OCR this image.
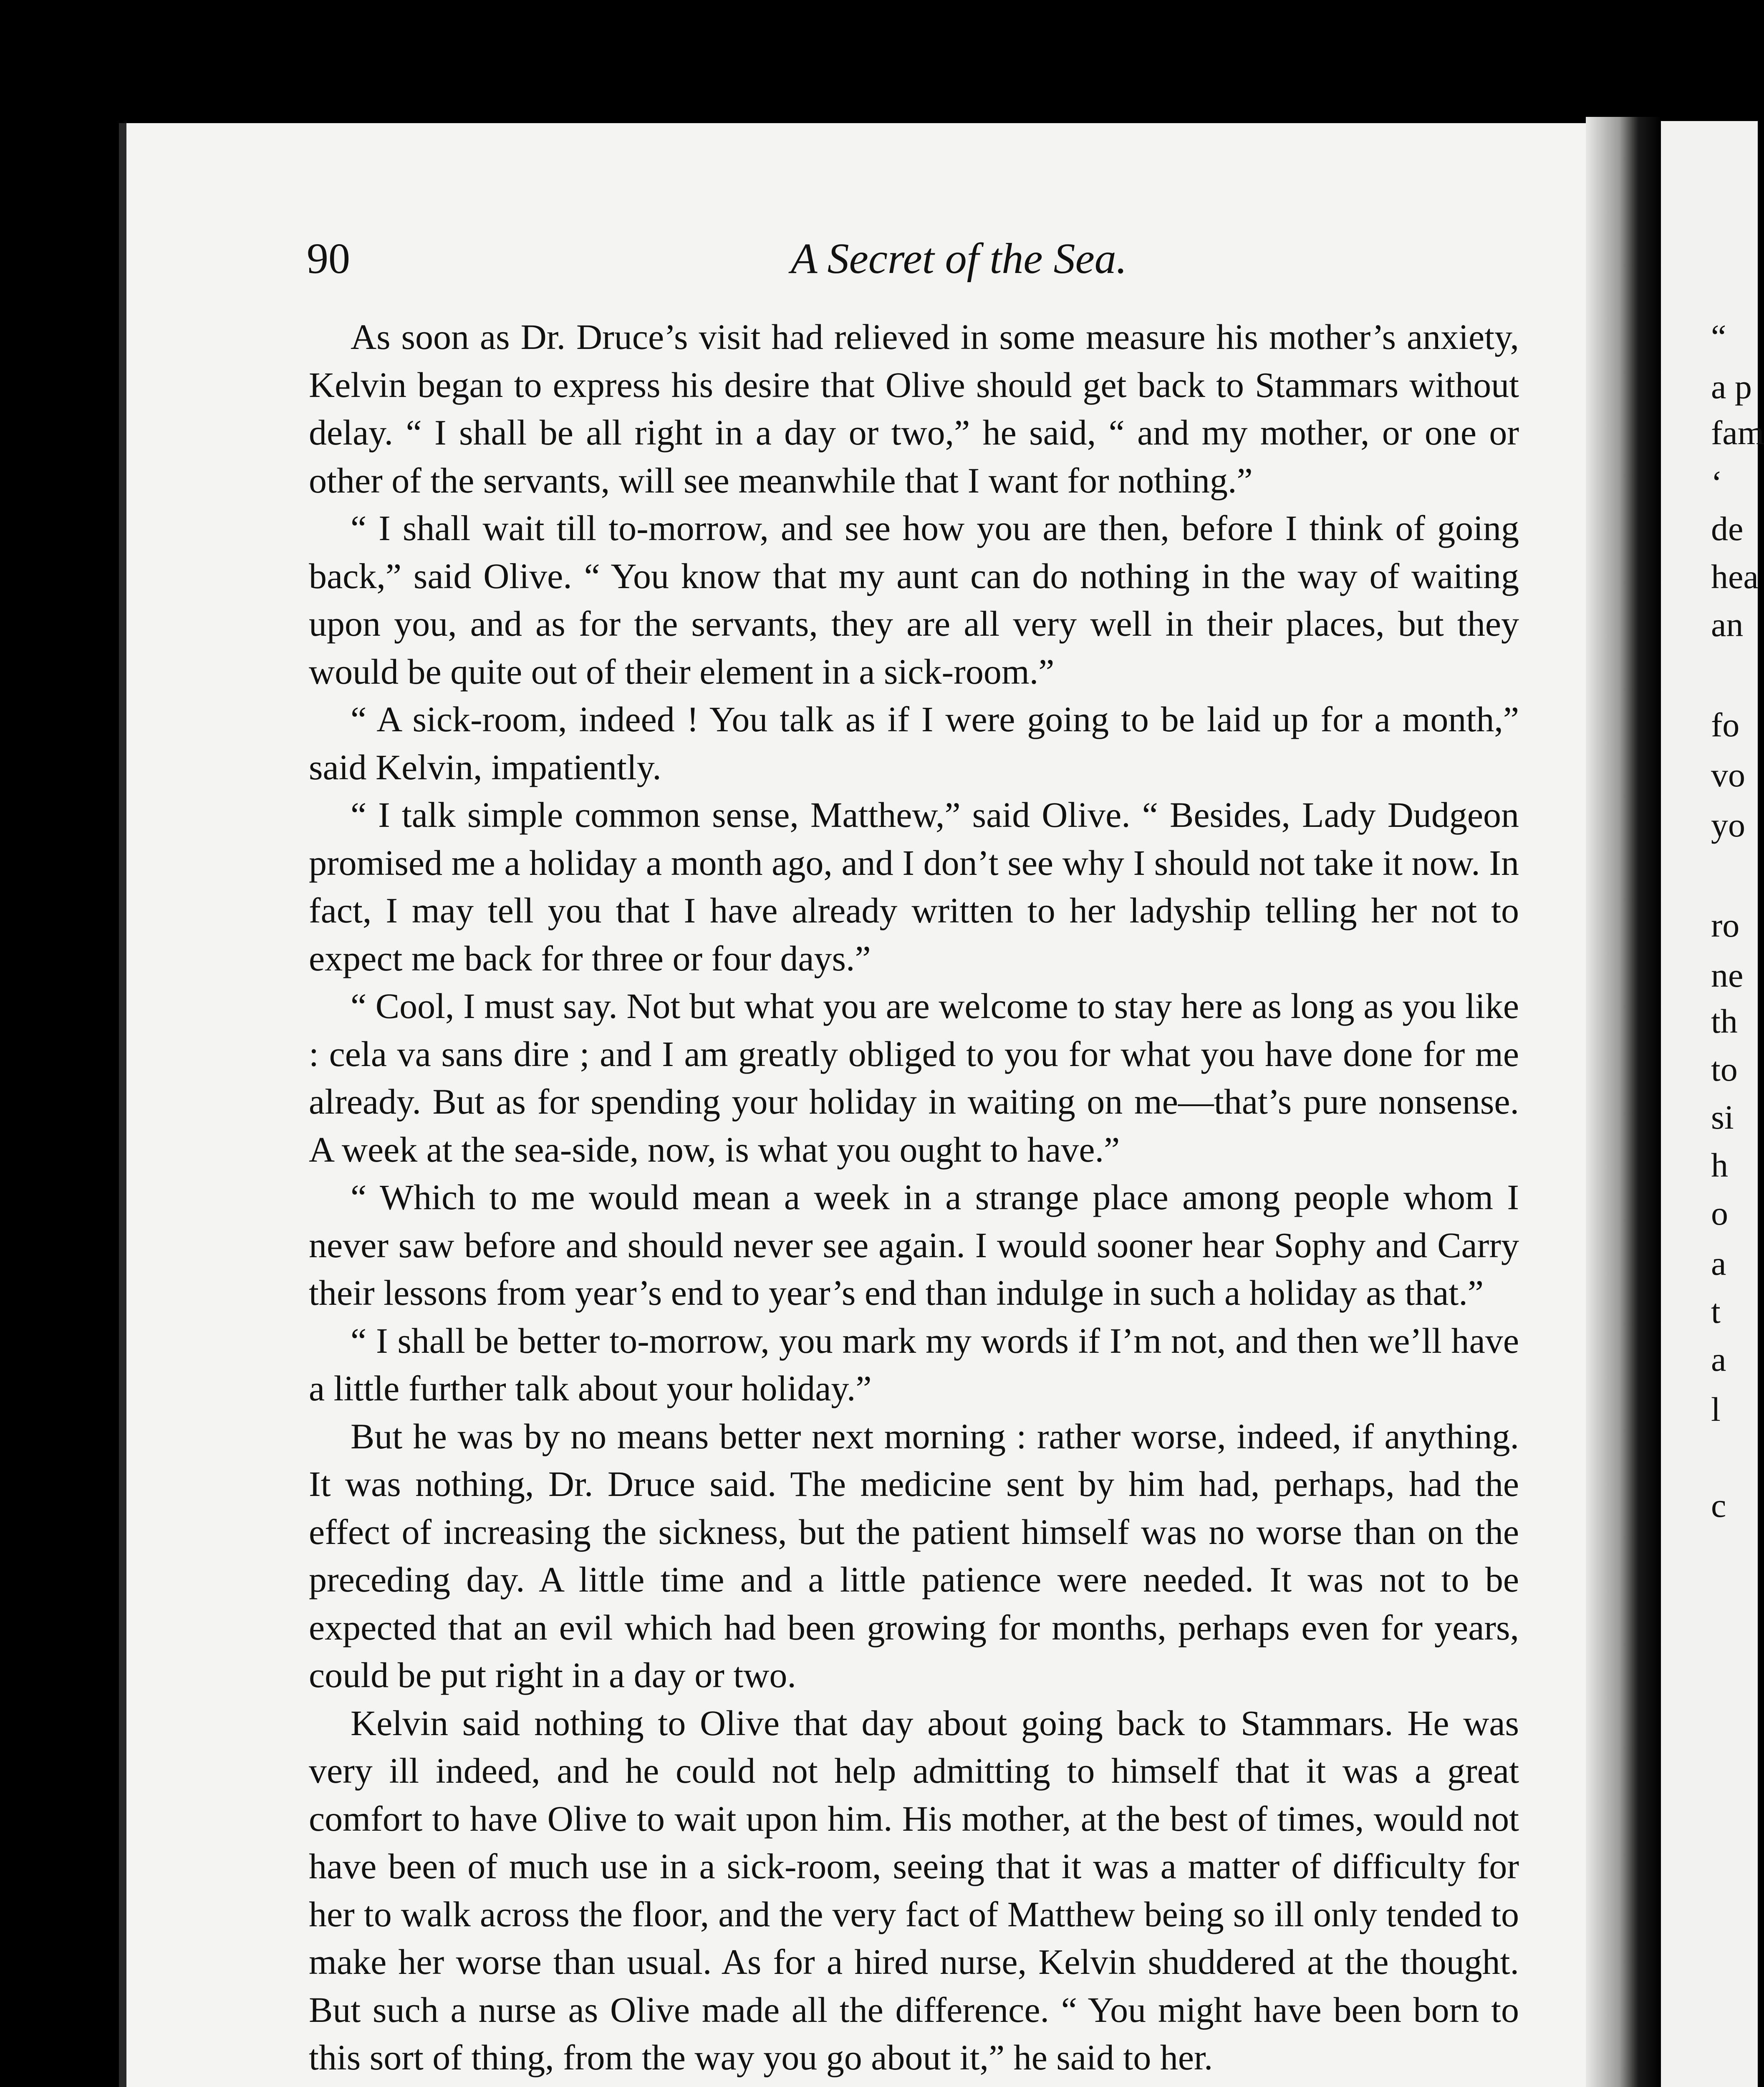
“
a p
fam
‘
de
hea
an
fo
vo
yo
ro
ne
th
to
si
h
o
a
t
a
l
c
90	A Secret of the Sea.

As soon as Dr. Druce’s visit had relieved in some measure his mother’s anxiety, Kelvin began to express his desire that Olive should get back to Stammars without delay. “ I shall be all right in a day or two,” he said, “ and my mother, or one or other of the servants, will see meanwhile that I want for nothing.”

“ I shall wait till to-morrow, and see how you are then, before I think of going back,” said Olive. “ You know that my aunt can do nothing in the way of waiting upon you, and as for the servants, they are all very well in their places, but they would be quite out of their element in a sick-room.”

“ A sick-room, indeed ! You talk as if I were going to be laid up for a month,” said Kelvin, impatiently.

“ I talk simple common sense, Matthew,” said Olive. “ Besides, Lady Dudgeon promised me a holiday a month ago, and I don’t see why I should not take it now. In fact, I may tell you that I have already written to her ladyship telling her not to expect me back for three or four days.”

“ Cool, I must say. Not but what you are welcome to stay here as long as you like : cela va sans dire ; and I am greatly obliged to you for what you have done for me already. But as for spending your holiday in waiting on me—that’s pure nonsense. A week at the sea-side, now, is what you ought to have.”

“ Which to me would mean a week in a strange place among people whom I never saw before and should never see again. I would sooner hear Sophy and Carry their lessons from year’s end to year’s end than indulge in such a holiday as that.”

“ I shall be better to-morrow, you mark my words if I’m not, and then we’ll have a little further talk about your holiday.”

But he was by no means better next morning : rather worse, indeed, if anything. It was nothing, Dr. Druce said. The medicine sent by him had, perhaps, had the effect of increasing the sickness, but the patient himself was no worse than on the preceding day. A little time and a little patience were needed. It was not to be expected that an evil which had been growing for months, perhaps even for years, could be put right in a day or two.

Kelvin said nothing to Olive that day about going back to Stammars. He was very ill indeed, and he could not help admitting to himself that it was a great comfort to have Olive to wait upon him. His mother, at the best of times, would not have been of much use in a sick-room, seeing that it was a matter of difficulty for her to walk across the floor, and the very fact of Matthew being so ill only tended to make her worse than usual. As for a hired nurse, Kelvin shuddered at the thought. But such a nurse as Olive made all the difference. “ You might have been born to this sort of thing, from the way you go about it,” he said to her.
